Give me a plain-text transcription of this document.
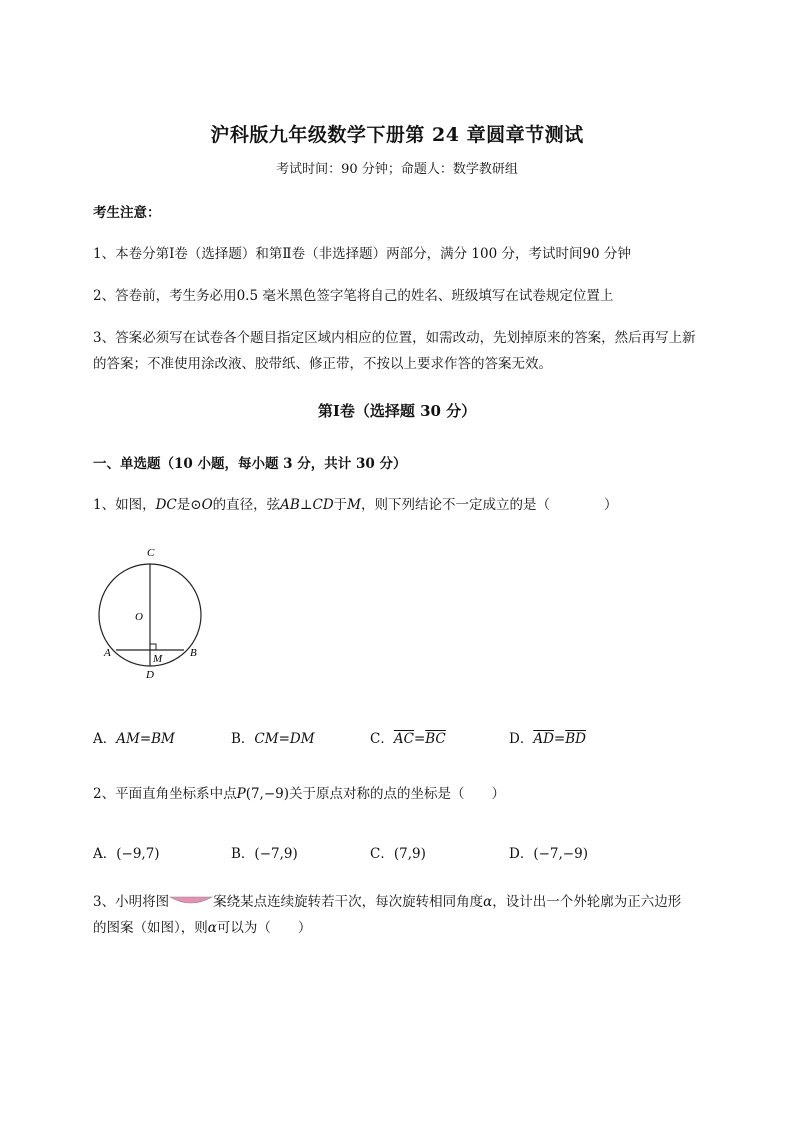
沪科版九年级数学下册第 24 章圆章节测试
考试时间：90 分钟；命题人：数学教研组
考生注意：
1、本卷分第Ⅰ卷（选择题）和第Ⅱ卷（非选择题）两部分，满分 100 分，考试时间90 分钟
2、答卷前，考生务必用0.5 毫米黑色签字笔将自己的姓名、班级填写在试卷规定位置上
3、答案必须写在试卷各个题目指定区域内相应的位置，如需改动，先划掉原来的答案，然后再写上新
的答案；不准使用涂改液、胶带纸、修正带，不按以上要求作答的答案无效。
第Ⅰ卷（选择题 30 分）
一、单选题（10 小题，每小题 3 分，共计 30 分）
1、如图，DC是⊙O的直径，弦AB⊥CD于M，则下列结论不一定成立的是（　　　　）
C
O
A	B
M
D
A．AM=BM	B．CM=DM	C．$\overline{AC}=\overline{BC}$	D．$\overline{AD}=\overline{BD}$
2、平面直角坐标系中点P(7,−9)关于原点对称的点的坐标是（　　）
A．(−9,7)	B．(−7,9)	C．(7,9)	D．(−7,−9)
3、小明将图	案绕某点连续旋转若干次，每次旋转相同角度α，设计出一个外轮廓为正六边形
的图案（如图），则α可以为（　　）
